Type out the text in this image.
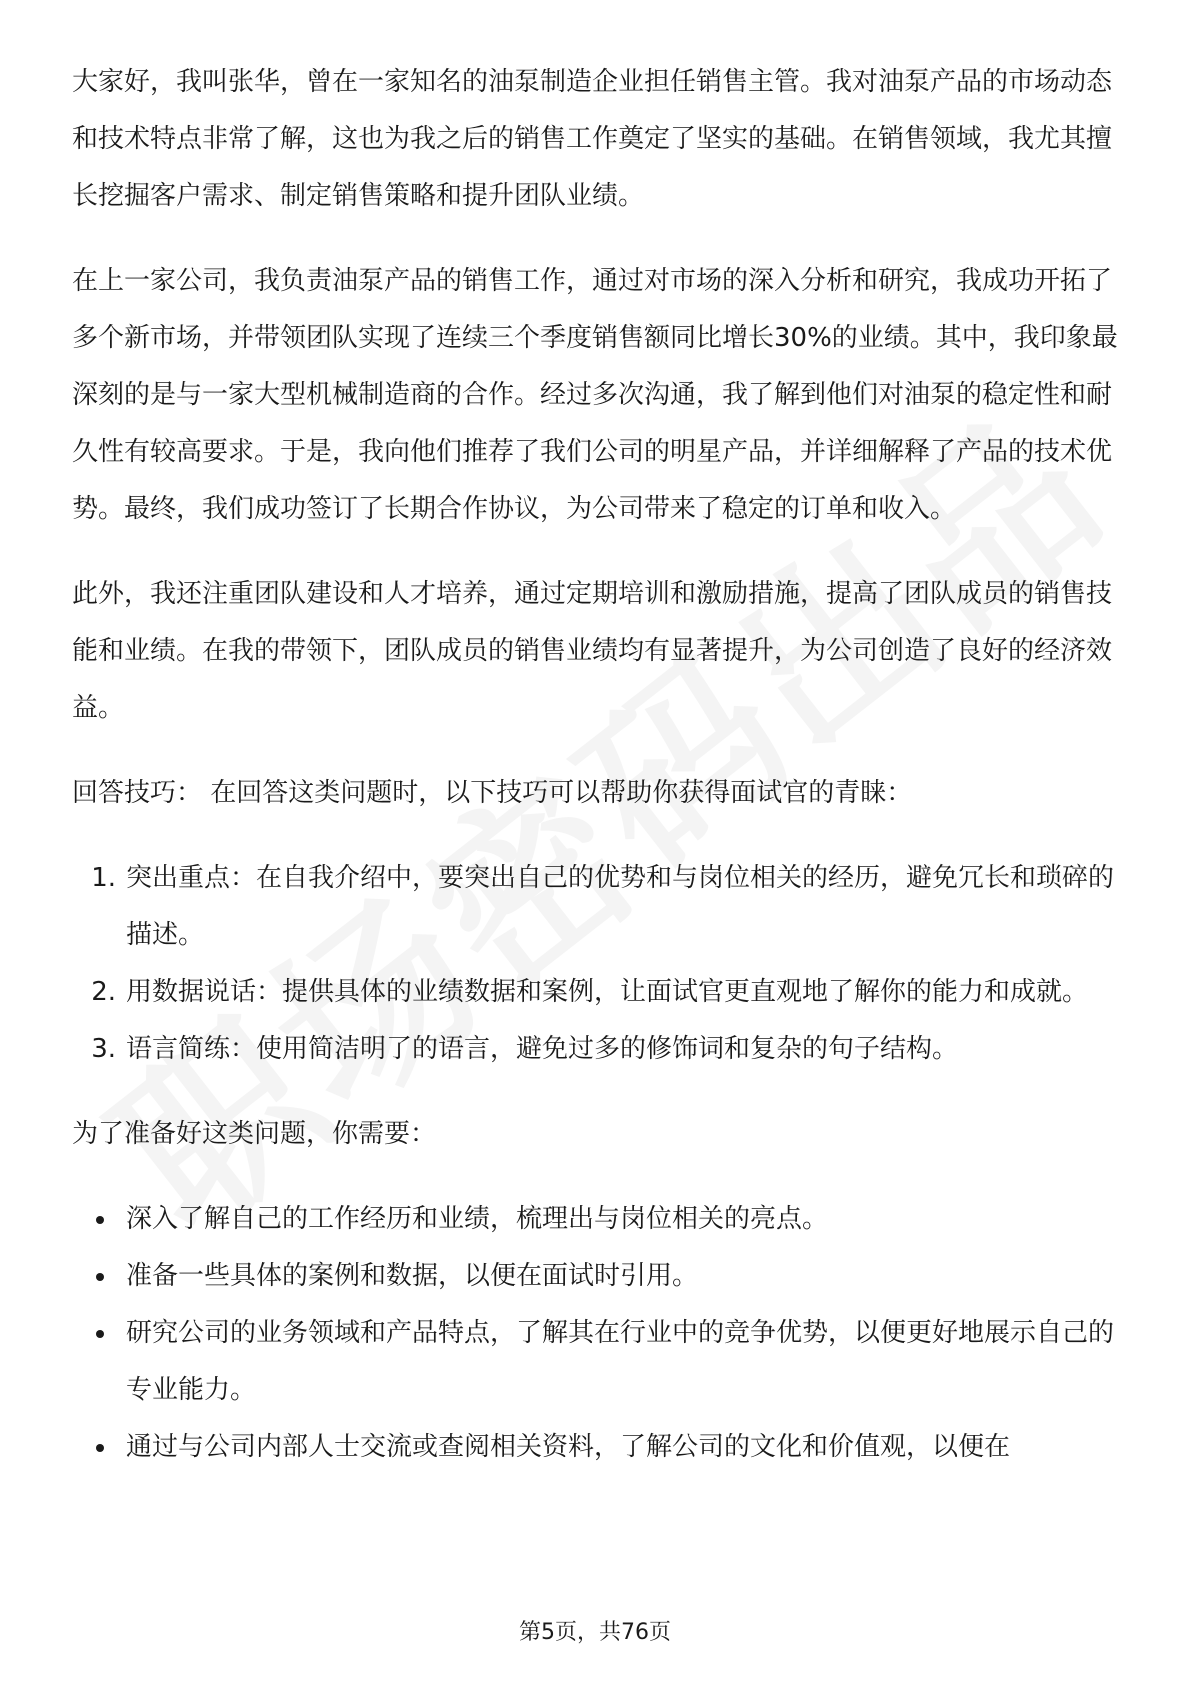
大家好，我叫张华，曾在一家知名的油泵制造企业担任销售主管。我对油泵产品的市场动态和技术特点非常了解，这也为我之后的销售工作奠定了坚实的基础。在销售领域，我尤其擅长挖掘客户需求、制定销售策略和提升团队业绩。

在上一家公司，我负责油泵产品的销售工作，通过对市场的深入分析和研究，我成功开拓了多个新市场，并带领团队实现了连续三个季度销售额同比增长30%的业绩。其中，我印象最深刻的是与一家大型机械制造商的合作。经过多次沟通，我了解到他们对油泵的稳定性和耐久性有较高要求。于是，我向他们推荐了我们公司的明星产品，并详细解释了产品的技术优势。最终，我们成功签订了长期合作协议，为公司带来了稳定的订单和收入。

此外，我还注重团队建设和人才培养，通过定期培训和激励措施，提高了团队成员的销售技能和业绩。在我的带领下，团队成员的销售业绩均有显著提升，为公司创造了良好的经济效益。

回答技巧： 在回答这类问题时，以下技巧可以帮助你获得面试官的青睐：

1. 突出重点：在自我介绍中，要突出自己的优势和与岗位相关的经历，避免冗长和琐碎的描述。
2. 用数据说话：提供具体的业绩数据和案例，让面试官更直观地了解你的能力和成就。
3. 语言简练：使用简洁明了的语言，避免过多的修饰词和复杂的句子结构。

为了准备好这类问题，你需要：

深入了解自己的工作经历和业绩，梳理出与岗位相关的亮点。
准备一些具体的案例和数据，以便在面试时引用。
研究公司的业务领域和产品特点，了解其在行业中的竞争优势，以便更好地展示自己的专业能力。
通过与公司内部人士交流或查阅相关资料，了解公司的文化和价值观，以便在
第5页，共76页
